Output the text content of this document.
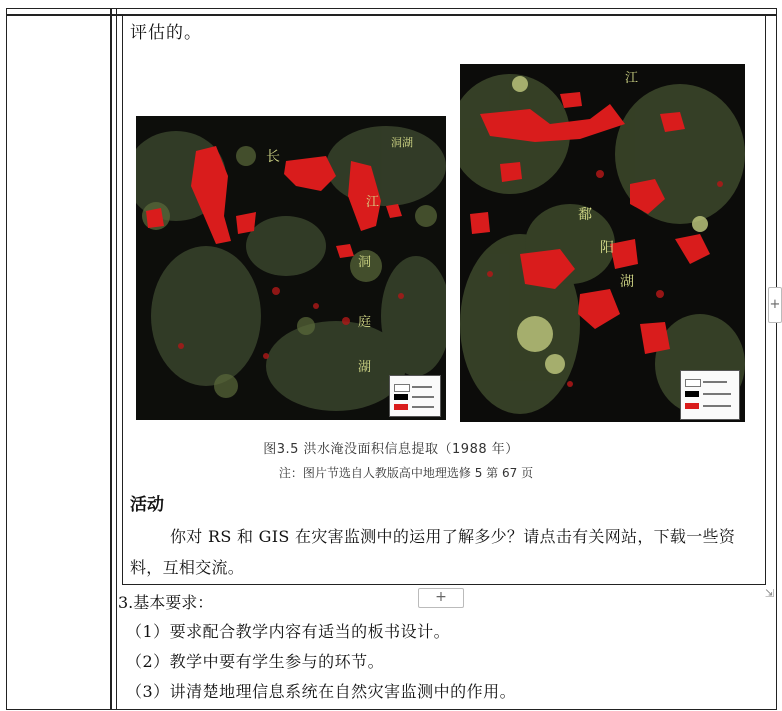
评估的。
长
洞湖
江
洞
庭
湖
江
鄱
阳
湖
图3.5 洪水淹没面积信息提取（1988 年）
注：图片节选自人教版高中地理选修 5 第 67 页
活动
你对 RS 和 GIS 在灾害监测中的运用了解多少？请点击有关网站，下载一些资料，互相交流。
+
+
⇲
3.基本要求：
（1）要求配合教学内容有适当的板书设计。
（2）教学中要有学生参与的环节。
（3）讲清楚地理信息系统在自然灾害监测中的作用。
